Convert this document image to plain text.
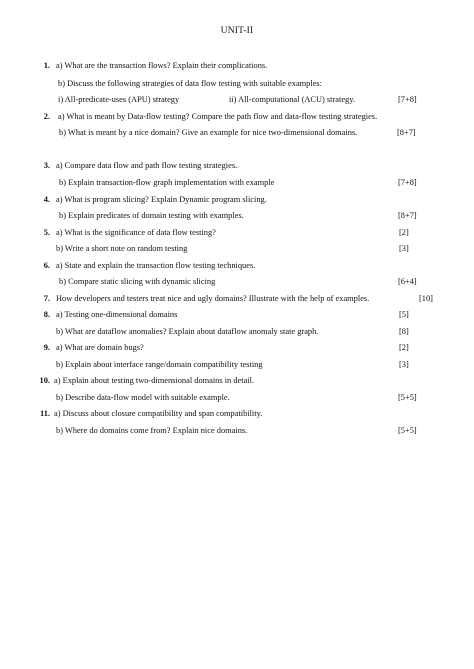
UNIT-II
1. a) What are the transaction flows? Explain their complications.
b) Discuss the following strategies of data flow testing with suitable examples:
i) All-predicate-uses (APU) strategy	ii) All-computational (ACU) strategy.	[7+8]
2. a) What is meant by Data-flow testing? Compare the path flow and data-flow testing strategies.
b) What is meant by a nice domain? Give an example for nice two-dimensional domains.	[8+7]
3. a) Compare data flow and path flow testing strategies.
b) Explain transaction-flow graph implementation with example	[7+8]
4. a) What is program slicing? Explain Dynamic program slicing.
b) Explain predicates of domain testing with examples.	[8+7]
5. a) What is the significance of data flow testing?	[2]
b) Write a short note on random testing	[3]
6. a) State and explain the transaction flow testing techniques.
b) Compare static slicing with dynamic slicing	[6+4]
7. How developers and testers treat nice and ugly domains? Illustrate with the help of examples.	[10]
8. a) Testing one-dimensional domains	[5]
b) What are dataflow anomalies? Explain about dataflow anomaly state graph.	[8]
9. a) What are domain bugs?	[2]
b) Explain about interface range/domain compatibility testing	[3]
10. a) Explain about testing two-dimensional domains in detail.
b) Describe data-flow model with suitable example.	[5+5]
11. a) Discuss about closure compatibility and span compatibility.
b) Where do domains come from? Explain nice domains.	[5+5]
